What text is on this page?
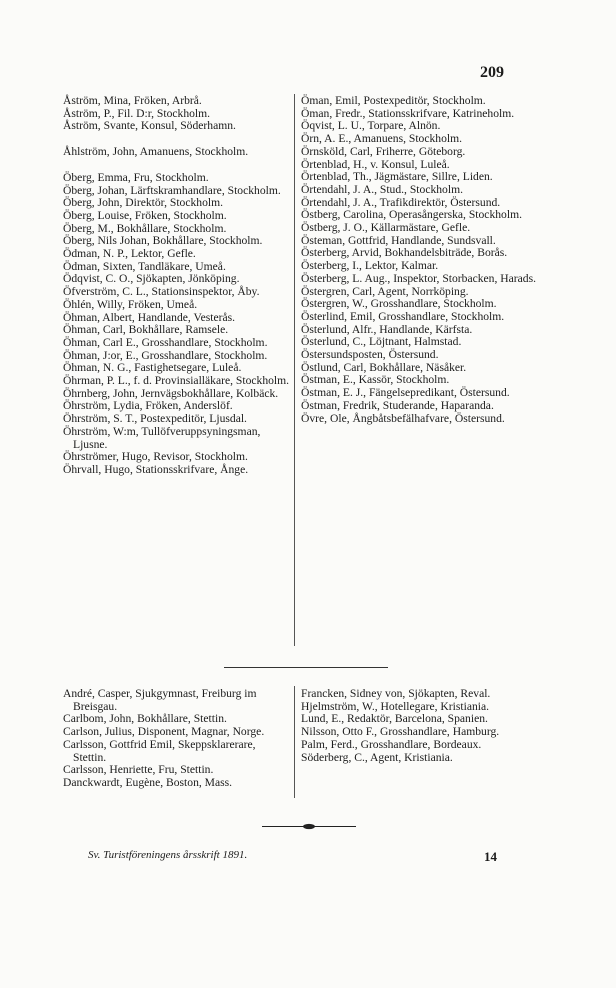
209
Åström, Mina, Fröken, Arbrå.
Åström, P., Fil. D:r, Stockholm.
Åström, Svante, Konsul, Söderhamn.
Åhlström, John, Amanuens, Stockholm.
Öberg, Emma, Fru, Stockholm.
Öberg, Johan, Lärftskramhandlare, Stockholm.
Öberg, John, Direktör, Stockholm.
Öberg, Louise, Fröken, Stockholm.
Öberg, M., Bokhållare, Stockholm.
Öberg, Nils Johan, Bokhållare, Stockholm.
Ödman, N. P., Lektor, Gefle.
Ödman, Sixten, Tandläkare, Umeå.
Ödqvist, C. O., Sjökapten, Jönköping.
Öfverström, C. L., Stationsinspektor, Åby.
Öhlén, Willy, Fröken, Umeå.
Öhman, Albert, Handlande, Vesterås.
Öhman, Carl, Bokhållare, Ramsele.
Öhman, Carl E., Grosshandlare, Stockholm.
Öhman, J:or, E., Grosshandlare, Stockholm.
Öhman, N. G., Fastighetsegare, Luleå.
Öhrman, P. L., f. d. Provinsialläkare, Stockholm.
Öhrnberg, John, Jernvägsbokhållare, Kolbäck.
Öhrström, Lydia, Fröken, Anderslöf.
Öhrström, S. T., Postexpeditör, Ljusdal.
Öhrström, W:m, Tullöfveruppsyningsman, Ljusne.
Öhrströmer, Hugo, Revisor, Stockholm.
Öhrvall, Hugo, Stationsskrifvare, Ånge.
Öman, Emil, Postexpeditör, Stockholm.
Öman, Fredr., Stationsskrifvare, Katrineholm.
Öqvist, L. U., Torpare, Alnön.
Örn, A. E., Amanuens, Stockholm.
Örnsköld, Carl, Friherre, Göteborg.
Örtenblad, H., v. Konsul, Luleå.
Örtenblad, Th., Jägmästare, Sillre, Liden.
Örtendahl, J. A., Stud., Stockholm.
Örtendahl, J. A., Trafikdirektör, Östersund.
Östberg, Carolina, Operasångerska, Stockholm.
Östberg, J. O., Källarmästare, Gefle.
Östeman, Gottfrid, Handlande, Sundsvall.
Österberg, Arvid, Bokhandelsbiträde, Borås.
Österberg, I., Lektor, Kalmar.
Österberg, L. Aug., Inspektor, Storbacken, Harads.
Östergren, Carl, Agent, Norrköping.
Östergren, W., Grosshandlare, Stockholm.
Österlind, Emil, Grosshandlare, Stockholm.
Österlund, Alfr., Handlande, Kärfsta.
Österlund, C., Löjtnant, Halmstad.
Östersundsposten, Östersund.
Östlund, Carl, Bokhållare, Näsåker.
Östman, E., Kassör, Stockholm.
Östman, E. J., Fängelsepredikant, Östersund.
Östman, Fredrik, Studerande, Haparanda.
Övre, Ole, Ångbåtsbefälhafvare, Östersund.
André, Casper, Sjukgymnast, Freiburg im Breisgau.
Carlbom, John, Bokhållare, Stettin.
Carlson, Julius, Disponent, Magnar, Norge.
Carlsson, Gottfrid Emil, Skeppsklarerare, Stettin.
Carlsson, Henriette, Fru, Stettin.
Danckwardt, Eugène, Boston, Mass.
Francken, Sidney von, Sjökapten, Reval.
Hjelmström, W., Hotellegare, Kristiania.
Lund, E., Redaktör, Barcelona, Spanien.
Nilsson, Otto F., Grosshandlare, Hamburg.
Palm, Ferd., Grosshandlare, Bordeaux.
Söderberg, C., Agent, Kristiania.
Sv. Turistföreningens årsskrift 1891.	14
